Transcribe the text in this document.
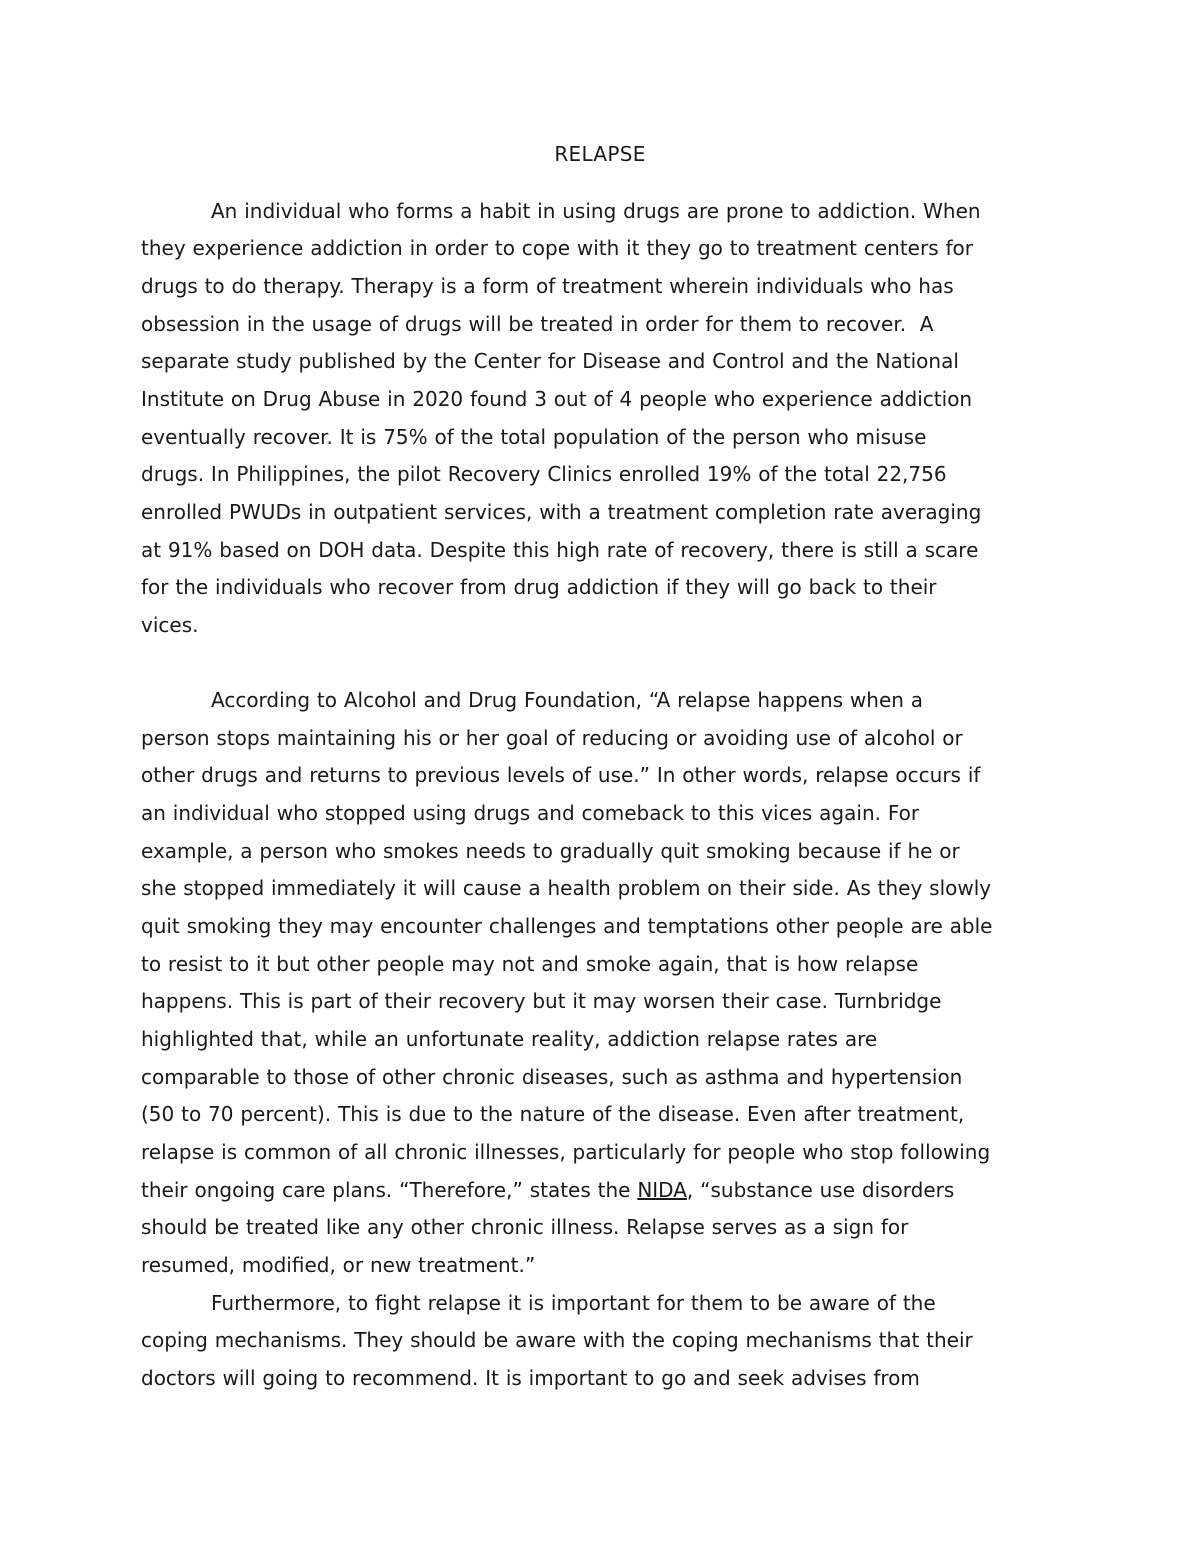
RELAPSE
An individual who forms a habit in using drugs are prone to addiction. When
they experience addiction in order to cope with it they go to treatment centers for
drugs to do therapy. Therapy is a form of treatment wherein individuals who has
obsession in the usage of drugs will be treated in order for them to recover.  A
separate study published by the Center for Disease and Control and the National
Institute on Drug Abuse in 2020 found 3 out of 4 people who experience addiction
eventually recover. It is 75% of the total population of the person who misuse
drugs. In Philippines, the pilot Recovery Clinics enrolled 19% of the total 22,756
enrolled PWUDs in outpatient services, with a treatment completion rate averaging
at 91% based on DOH data. Despite this high rate of recovery, there is still a scare
for the individuals who recover from drug addiction if they will go back to their
vices.
According to Alcohol and Drug Foundation, “A relapse happens when a
person stops maintaining his or her goal of reducing or avoiding use of alcohol or
other drugs and returns to previous levels of use.” In other words, relapse occurs if
an individual who stopped using drugs and comeback to this vices again. For
example, a person who smokes needs to gradually quit smoking because if he or
she stopped immediately it will cause a health problem on their side. As they slowly
quit smoking they may encounter challenges and temptations other people are able
to resist to it but other people may not and smoke again, that is how relapse
happens. This is part of their recovery but it may worsen their case. Turnbridge
highlighted that, while an unfortunate reality, addiction relapse rates are
comparable to those of other chronic diseases, such as asthma and hypertension
(50 to 70 percent). This is due to the nature of the disease. Even after treatment,
relapse is common of all chronic illnesses, particularly for people who stop following
their ongoing care plans. “Therefore,” states the NIDA, “substance use disorders
should be treated like any other chronic illness. Relapse serves as a sign for
resumed, modified, or new treatment.”
Furthermore, to fight relapse it is important for them to be aware of the
coping mechanisms. They should be aware with the coping mechanisms that their
doctors will going to recommend. It is important to go and seek advises from
